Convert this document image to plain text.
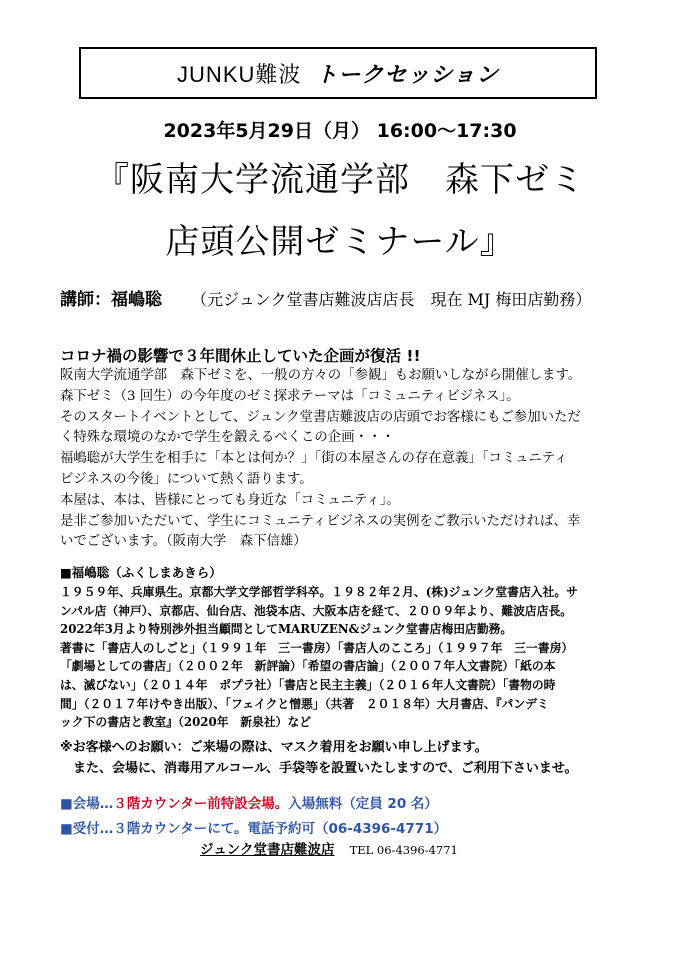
JUNKU難波 トークセッション
2023年5月29日（月） 16:00〜17:30
『阪南大学流通学部　森下ゼミ
店頭公開ゼミナール』
講師：福嶋聡 （元ジュンク堂書店難波店店長　現在 MJ 梅田店勤務）
コロナ禍の影響で３年間休止していた企画が復活 !!
阪南大学流通学部　森下ゼミを、一般の方々の「参観」もお願いしながら開催します。
森下ゼミ（3 回生）の今年度のゼミ探求テーマは「コミュニティビジネス」。
そのスタートイベントとして、ジュンク堂書店難波店の店頭でお客様にもご参加いただ
く特殊な環境のなかで学生を鍛えるべくこの企画・・・
福嶋聡が大学生を相手に「本とは何か？」「街の本屋さんの存在意義」「コミュニティ
ビジネスの今後」について熱く語ります。
本屋は、本は、皆様にとっても身近な「コミュニティ」。
是非ご参加いただいて、学生にコミュニティビジネスの実例をご教示いただければ、幸
いでございます。（阪南大学　森下信雄）
■福嶋聡（ふくしまあきら）
１９５９年、兵庫県生。京都大学文学部哲学科卒。１９８２年２月、(株)ジュンク堂書店入社。サ
ンパル店（神戸）、京都店、仙台店、池袋本店、大阪本店を経て、２００９年より、難波店店長。
2022年3月より特別渉外担当顧問としてMARUZEN&ジュンク堂書店梅田店勤務。
著書に「書店人のしごと」（１９９１年　三一書房）「書店人のこころ」（１９９７年　三一書房）
「劇場としての書店」（２００２年　新評論）「希望の書店論」（２００７年人文書院）「紙の本
は、滅びない」（２０１４年　ポプラ社）「書店と民主主義」（２０１６年人文書院）「書物の時
間」（２０１７年けやき出版）、「フェイクと憎悪」（共著　２０１８年）大月書店、『パンデミ
ック下の書店と教室』（2020年　新泉社）など
※お客様へのお願い：ご来場の際は、マスク着用をお願い申し上げます。
　また、会場に、消毒用アルコール、手袋等を設置いたしますので、ご利用下さいませ。
■会場…３階カウンター前特設会場。入場無料（定員 20 名）
■受付…３階カウンターにて。電話予約可（06-4396-4771）
ジュンク堂書店難波店 TEL 06-4396-4771
